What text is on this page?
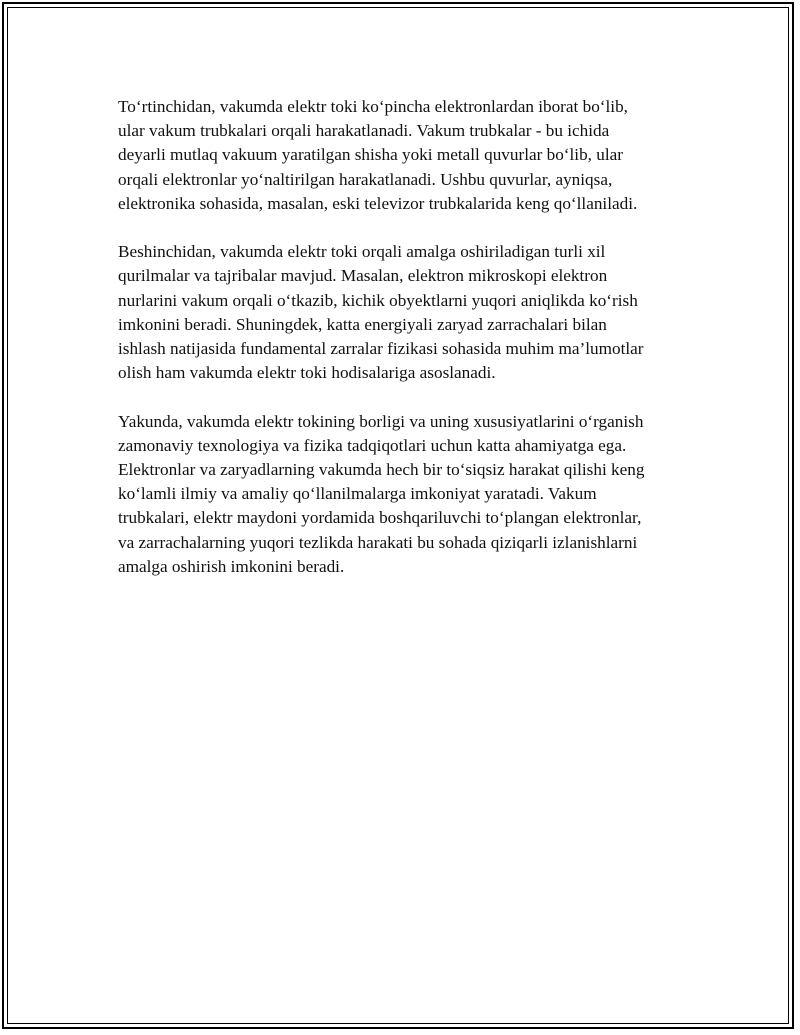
To‘rtinchidan, vakumda elektr toki ko‘pincha elektronlardan iborat bo‘lib,
ular vakum trubkalari orqali harakatlanadi. Vakum trubkalar - bu ichida
deyarli mutlaq vakuum yaratilgan shisha yoki metall quvurlar bo‘lib, ular
orqali elektronlar yo‘naltirilgan harakatlanadi. Ushbu quvurlar, ayniqsa,
elektronika sohasida, masalan, eski televizor trubkalarida keng qo‘llaniladi.

Beshinchidan, vakumda elektr toki orqali amalga oshiriladigan turli xil
qurilmalar va tajribalar mavjud. Masalan, elektron mikroskopi elektron
nurlarini vakum orqali o‘tkazib, kichik obyektlarni yuqori aniqlikda ko‘rish
imkonini beradi. Shuningdek, katta energiyali zaryad zarrachalari bilan
ishlash natijasida fundamental zarralar fizikasi sohasida muhim ma’lumotlar
olish ham vakumda elektr toki hodisalariga asoslanadi.

Yakunda, vakumda elektr tokining borligi va uning xususiyatlarini o‘rganish
zamonaviy texnologiya va fizika tadqiqotlari uchun katta ahamiyatga ega.
Elektronlar va zaryadlarning vakumda hech bir to‘siqsiz harakat qilishi keng
ko‘lamli ilmiy va amaliy qo‘llanilmalarga imkoniyat yaratadi. Vakum
trubkalari, elektr maydoni yordamida boshqariluvchi to‘plangan elektronlar,
va zarrachalarning yuqori tezlikda harakati bu sohada qiziqarli izlanishlarni
amalga oshirish imkonini beradi.
